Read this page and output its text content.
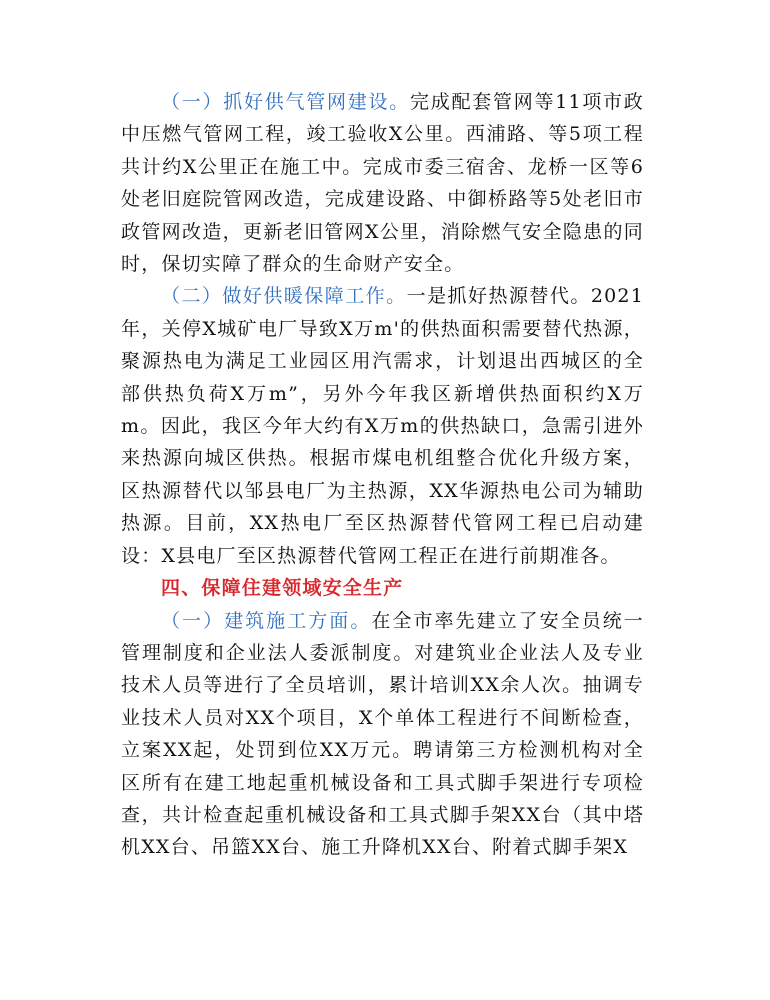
（一）抓好供气管网建设。完成配套管网等11项市政中压燃气管网工程，竣工验收X公里。西浦路、等5项工程共计约X公里正在施工中。完成市委三宿舍、龙桥一区等6处老旧庭院管网改造，完成建设路、中御桥路等5处老旧市政管网改造，更新老旧管网X公里，消除燃气安全隐患的同时，保切实障了群众的生命财产安全。

（二）做好供暖保障工作。一是抓好热源替代。2021年，关停X城矿电厂导致X万m'的供热面积需要替代热源，聚源热电为满足工业园区用汽需求，计划退出西城区的全部供热负荷X万m”，另外今年我区新增供热面积约X万m。因此，我区今年大约有X万m的供热缺口，急需引进外来热源向城区供热。根据市煤电机组整合优化升级方案，区热源替代以邹县电厂为主热源，XX华源热电公司为辅助热源。目前，XX热电厂至区热源替代管网工程已启动建设：X县电厂至区热源替代管网工程正在进行前期准各。

四、保障住建领域安全生产

（一）建筑施工方面。在全市率先建立了安全员统一管理制度和企业法人委派制度。对建筑业企业法人及专业技术人员等进行了全员培训，累计培训XX余人次。抽调专业技术人员对XX个项目，X个单体工程进行不间断检查，立案XX起，处罚到位XX万元。聘请第三方检测机构对全区所有在建工地起重机械设备和工具式脚手架进行专项检查，共计检查起重机械设备和工具式脚手架XX台（其中塔机XX台、吊篮XX台、施工升降机XX台、附着式脚手架X
